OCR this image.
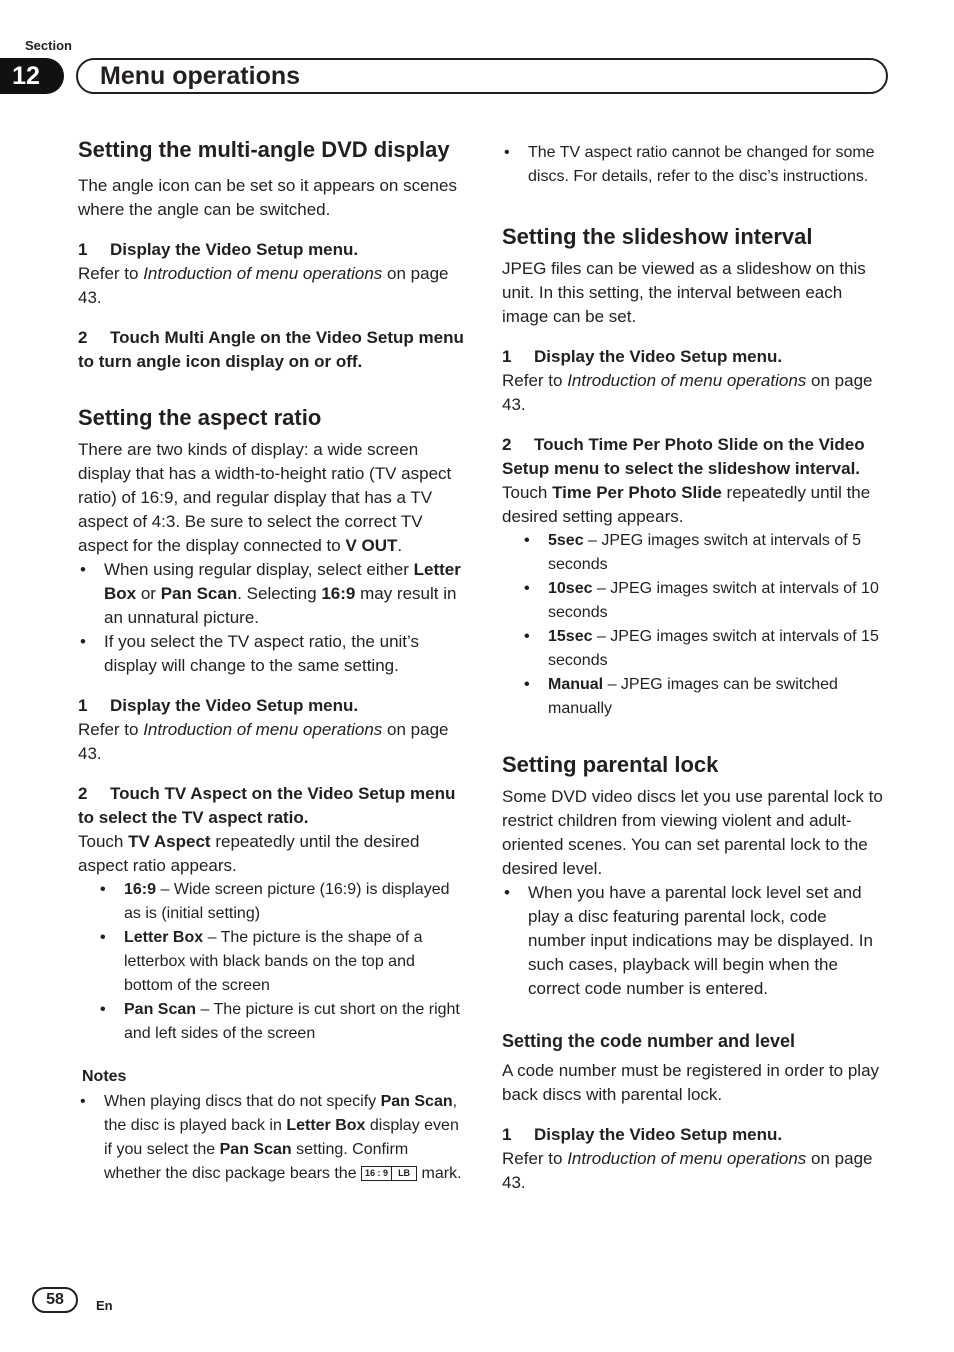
Section
12	Menu operations
Setting the multi-angle DVD display

The angle icon can be set so it appears on scenes where the angle can be switched.

1 Display the Video Setup menu.

Refer to Introduction of menu operations on page 43.

2 Touch Multi Angle on the Video Setup menu to turn angle icon display on or off.

Setting the aspect ratio

There are two kinds of display: a wide screen display that has a width-to-height ratio (TV aspect ratio) of 16:9, and regular display that has a TV aspect of 4:3. Be sure to select the correct TV aspect for the display connected to V OUT.

• When using regular display, select either Letter Box or Pan Scan. Selecting 16:9 may result in an unnatural picture.
• If you select the TV aspect ratio, the unit’s display will change to the same setting.

1 Display the Video Setup menu.

Refer to Introduction of menu operations on page 43.

2 Touch TV Aspect on the Video Setup menu to select the TV aspect ratio.

Touch TV Aspect repeatedly until the desired aspect ratio appears.

• 16:9 – Wide screen picture (16:9) is displayed as is (initial setting)
• Letter Box – The picture is the shape of a letterbox with black bands on the top and bottom of the screen
• Pan Scan – The picture is cut short on the right and left sides of the screen
Notes
• When playing discs that do not specify Pan Scan, the disc is played back in Letter Box display even if you select the Pan Scan setting. Confirm whether the disc package bears the 16 : 9	LB mark.
• The TV aspect ratio cannot be changed for some discs. For details, refer to the disc’s instructions.
Setting the slideshow interval

JPEG files can be viewed as a slideshow on this unit. In this setting, the interval between each image can be set.

1 Display the Video Setup menu.

Refer to Introduction of menu operations on page 43.

2 Touch Time Per Photo Slide on the Video Setup menu to select the slideshow interval.

Touch Time Per Photo Slide repeatedly until the desired setting appears.

• 5sec – JPEG images switch at intervals of 5 seconds
• 10sec – JPEG images switch at intervals of 10 seconds
• 15sec – JPEG images switch at intervals of 15 seconds
• Manual – JPEG images can be switched manually
Setting parental lock

Some DVD video discs let you use parental lock to restrict children from viewing violent and adult-oriented scenes. You can set parental lock to the desired level.

• When you have a parental lock level set and play a disc featuring parental lock, code number input indications may be displayed. In such cases, playback will begin when the correct code number is entered.
Setting the code number and level

A code number must be registered in order to play back discs with parental lock.

1 Display the Video Setup menu.

Refer to Introduction of menu operations on page 43.

58	En
